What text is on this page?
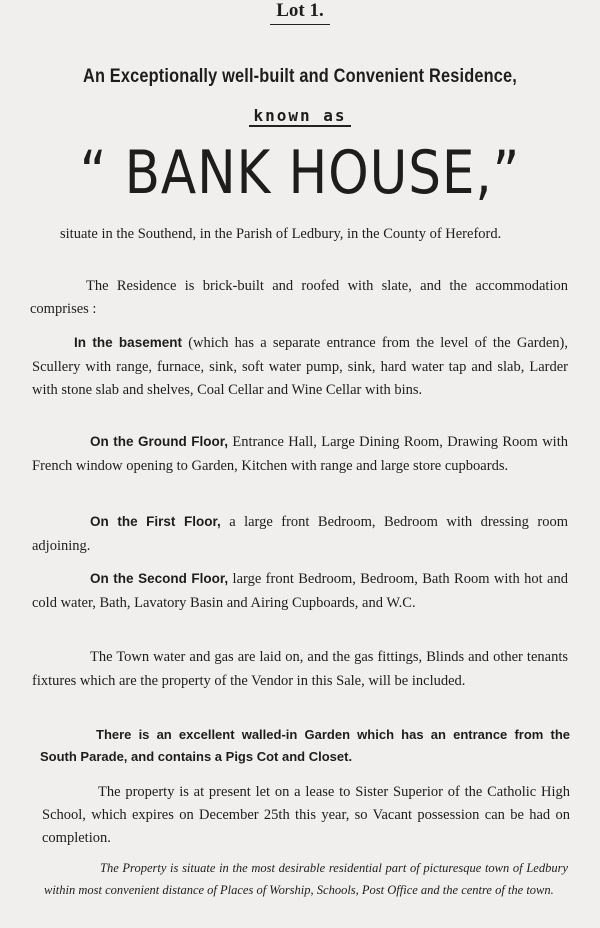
Lot 1.
An Exceptionally well-built and Convenient Residence,
known as
“ BANK HOUSE,”
situate in the Southend, in the Parish of Ledbury, in the County of Hereford.
The Residence is brick-built and roofed with slate, and the accommodation comprises :
In the basement (which has a separate entrance from the level of the Garden), Scullery with range, furnace, sink, soft water pump, sink, hard water tap and slab, Larder with stone slab and shelves, Coal Cellar and Wine Cellar with bins.
On the Ground Floor, Entrance Hall, Large Dining Room, Drawing Room with French window opening to Garden, Kitchen with range and large store cupboards.
On the First Floor, a large front Bedroom, Bedroom with dressing room adjoining.
On the Second Floor, large front Bedroom, Bedroom, Bath Room with hot and cold water, Bath, Lavatory Basin and Airing Cupboards, and W.C.
The Town water and gas are laid on, and the gas fittings, Blinds and other tenants fixtures which are the property of the Vendor in this Sale, will be included.
There is an excellent walled-in Garden which has an entrance from the South Parade, and contains a Pigs Cot and Closet.
The property is at present let on a lease to Sister Superior of the Catholic High School, which expires on December 25th this year, so Vacant possession can be had on completion.
The Property is situate in the most desirable residential part of picturesque town of Ledbury within most convenient distance of Places of Worship, Schools, Post Office and the centre of the town.
